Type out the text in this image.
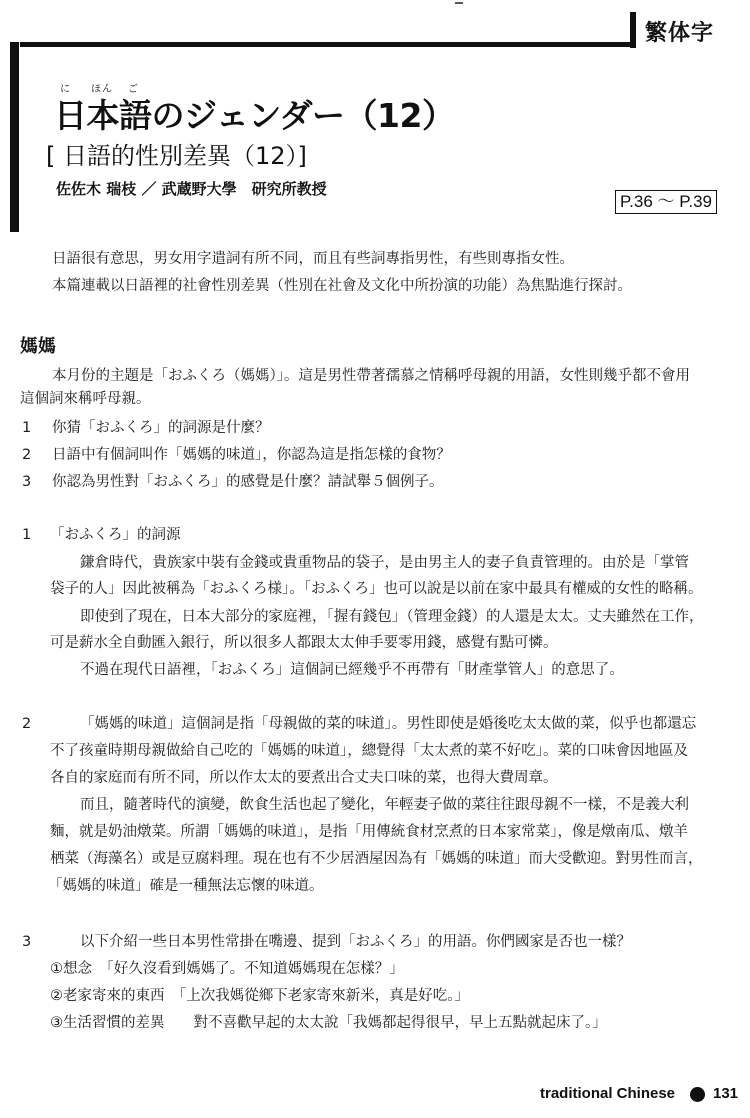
繁体字
に ほん ご
日本語のジェンダー（12）
[ 日語的性別差異（12）]
佐佐木 瑞枝 ／ 武蔵野大學　研究所教授
P.36 ～ P.39
日語很有意思，男女用字遣詞有所不同，而且有些詞專指男性，有些則專指女性。
本篇連載以日語裡的社會性別差異（性別在社會及文化中所扮演的功能）為焦點進行探討。
媽媽
本月份的主題是「おふくろ（媽媽）」。這是男性帶著孺慕之情稱呼母親的用語，女性則幾乎都不會用
這個詞來稱呼母親。
1 你猜「おふくろ」的詞源是什麼？
2 日語中有個詞叫作「媽媽的味道」，你認為這是指怎樣的食物？
3 你認為男性對「おふくろ」的感覺是什麼？請試舉５個例子。
1 「おふくろ」的詞源
鎌倉時代，貴族家中裝有金錢或貴重物品的袋子，是由男主人的妻子負責管理的。由於是「掌管
袋子的人」因此被稱為「おふくろ様」。「おふくろ」也可以說是以前在家中最具有權威的女性的略稱。
即使到了現在，日本大部分的家庭裡，「握有錢包」（管理金錢）的人還是太太。丈夫雖然在工作，
可是薪水全自動匯入銀行，所以很多人都跟太太伸手要零用錢，感覺有點可憐。
不過在現代日語裡，「おふくろ」這個詞已經幾乎不再帶有「財產掌管人」的意思了。
2	「媽媽的味道」這個詞是指「母親做的菜的味道」。男性即使是婚後吃太太做的菜，似乎也都還忘
不了孩童時期母親做給自己吃的「媽媽的味道」，總覺得「太太煮的菜不好吃」。菜的口味會因地區及
各自的家庭而有所不同，所以作太太的要煮出合丈夫口味的菜，也得大費周章。
而且，隨著時代的演變，飲食生活也起了變化，年輕妻子做的菜往往跟母親不一樣，不是義大利
麵，就是奶油燉菜。所謂「媽媽的味道」，是指「用傳統食材烹煮的日本家常菜」，像是燉南瓜、燉羊
栖菜（海藻名）或是豆腐料理。現在也有不少居酒屋因為有「媽媽的味道」而大受歡迎。對男性而言，
「媽媽的味道」確是一種無法忘懷的味道。
3	以下介紹一些日本男性常掛在嘴邊、提到「おふくろ」的用語。你們國家是否也一樣？
①想念　「好久沒看到媽媽了。不知道媽媽現在怎樣？」
②老家寄來的東西　「上次我媽從鄉下老家寄來新米，真是好吃。」
③生活習慣的差異　　對不喜歡早起的太太說「我媽都起得很早，早上五點就起床了。」
traditional Chinese	131
